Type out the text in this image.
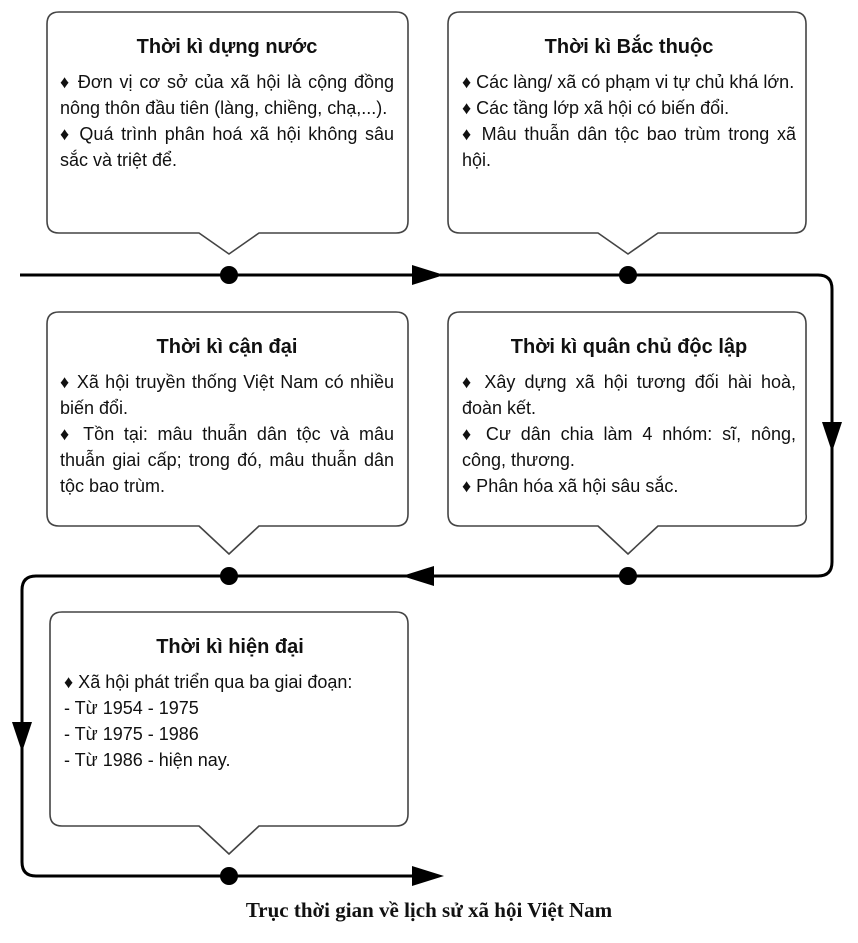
Thời kì dựng nước

♦ Đơn vị cơ sở của xã hội là cộng đồng nông thôn đầu tiên (làng, chiềng, chạ,...).

♦ Quá trình phân hoá xã hội không sâu sắc và triệt để.

Thời kì Bắc thuộc

♦ Các làng/ xã có phạm vi tự chủ khá lớn.

♦ Các tầng lớp xã hội có biến đổi.

♦ Mâu thuẫn dân tộc bao trùm trong xã hội.

Thời kì cận đại

♦ Xã hội truyền thống Việt Nam có nhiều biến đổi.

♦ Tồn tại: mâu thuẫn dân tộc và mâu thuẫn giai cấp; trong đó, mâu thuẫn dân tộc bao trùm.

Thời kì quân chủ độc lập

♦ Xây dựng xã hội tương đối hài hoà, đoàn kết.

♦ Cư dân chia làm 4 nhóm: sĩ, nông, công, thương.

♦ Phân hóa xã hội sâu sắc.

Thời kì hiện đại

♦ Xã hội phát triển qua ba giai đoạn:

- Từ 1954 - 1975

- Từ 1975 - 1986

- Từ 1986 - hiện nay.

Trục thời gian về lịch sử xã hội Việt Nam
